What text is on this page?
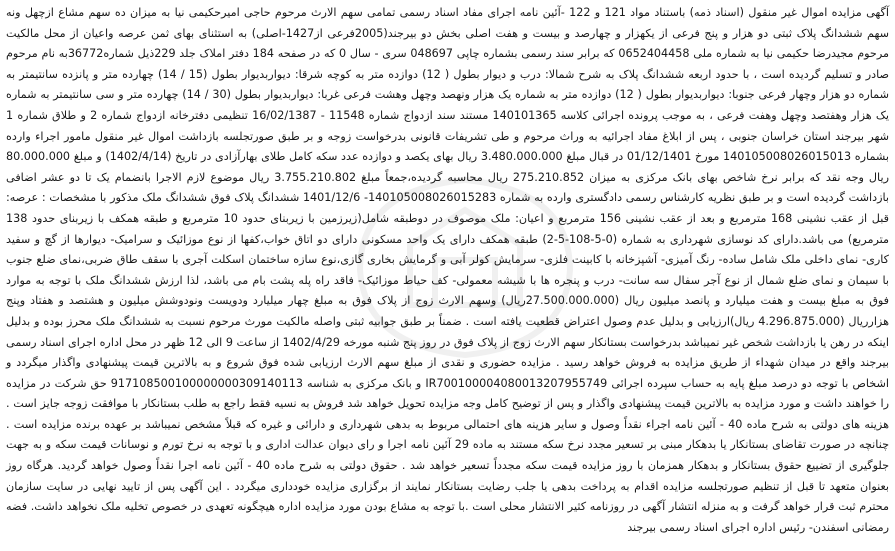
آگهی مزایده اموال غیر منقول (اسناد ذمه) باستناد مواد 121 و 122 -آئین نامه اجرای مفاد اسناد رسمی تمامی سهم الارث مرحوم حاجی امیرحکیمی نیا به میزان ده سهم مشاع ازچهل ونه سهم ششدانگ پلاک ثبتی دو هزار و پنج فرعی از یکهزار و چهارصد و بیست و هفت اصلی بخش دو بیرجند(2005فرعی از1427-اصلی) به استثنای بهای ثمن عرصه واعیان از محل مالکیت مرحوم مجیدرضا حکیمی نیا به شماره ملی 0652404458 که برابر سند رسمی بشماره چاپی 048697 سری - سال 0 که در صفحه 184 دفتر املاک جلد 229ذیل شماره36772به نام مرحوم صادر و تسلیم گردیده است ، با حدود اربعه ششدانگ پلاک به شرح شمالا: درب و دیوار بطول ( 12) دوازده متر به کوچه شرقا: دیواربدیوار بطول (15 / 14) چهارده متر و پانزده سانتیمتر به شماره دو هزار وچهار فرعی جنوبا: دیواربدیوار بطول ( 12) دوازده متر به شماره یک هزار ونهصد وچهل وهشت فرعی غربا: دیواربدیوار بطول (30 / 14) چهارده متر و سی سانتیمتر به شماره یک هزار وهفتصد وچهل وهفت فرعی ، به موجب پرونده اجرائی کلاسه 140101365 مستند سند ازدواج شماره 11548 - 16/02/1387 تنظیمی دفترخانه ازدواج شماره 2 و طلاق شماره 1 شهر بیرجند استان خراسان جنوبی ، پس از ابلاغ مفاد اجرائیه به وراث مرحوم و طی تشریفات قانونی بدرخواست زوجه و بر طبق صورتجلسه بازداشت اموال غیر منقول مامور اجراء وارده بشماره 140105008026015013 مورخ 01/12/1401 در قبال مبلغ 3.480.000.000 ریال بهای یکصد و دوازده عدد سکه کامل طلای بهارآزادی در تاریخ (1402/4/14) و مبلغ 80.000.000 ریال وجه نقد که برابر نرخ شاخص بهای بانک مرکزی به میزان 275.210.852 ریال محاسبه گردیده،جمعاً مبلغ 3.755.210.802 ریال موضوع لازم الاجرا بانضمام یک تا دو عشر اضافی بازداشت گردیده است و بر طبق نظریه کارشناس رسمی دادگستری وارده به شماره 140105008026015283- 1401/12/6 ششدانگ پلاک فوق ششدانگ ملک مذکور با مشخصات : عرصه: قبل از عقب نشینی 168 مترمربع و بعد از عقب نشینی 156 مترمربع و اعیان: ملک موصوف در دوطبقه شامل(زیرزمین با زیربنای حدود 10 مترمربع و طبقه همکف با زیربنای حدود 138 مترمربع) می باشد.دارای کد نوسازی شهرداری به شماره (0-5-108-5-2) طبقه همکف دارای یک واحد مسکونی دارای دو اتاق خواب،کفها از نوع موزائیک و سرامیک- دیوارها از گچ و سفید کاری- نمای داخلی ملک شامل ساده- رنگ آمیزی- آشپزخانه با کابینت فلزی- سرمایش کولر آبی و گرمایش بخاری گازی،نوع سازه ساختمان اسکلت آجری با سقف طاق ضربی،نمای ضلع جنوب با سیمان و نمای ضلع شمال از نوع آجر سفال سه سانت- درب و پنجره ها با شیشه معمولی- کف حیاط موزائیک- فاقد راه پله پشت بام می باشد، لذا ارزش ششدانگ ملک با توجه به موارد فوق به مبلغ بیست و هفت میلیارد و پانصد میلیون ریال (27.500.000.000ریال) وسهم الارث زوج از پلاک فوق به مبلغ چهار میلیارد ودویست ونودوشش میلیون و هشتصد و هفتاد وپنج هزارریال (4.296.875.000 ریال)ارزیابی و بدلیل عدم وصول اعتراض قطعیت یافته است . ضمناً بر طبق جوابیه ثبتی واصله مالکیت مورث مرحوم نسبت به ششدانگ ملک محرز بوده و بدلیل اینکه در رهن یا بازداشت شخص غیر نمیباشد بدرخواست بستانکار سهم الارث زوج از پلاک فوق در روز پنج شنبه مورخه 1402/4/29 از ساعت 9 الی 12 ظهر در محل اداره اجرای اسناد رسمی بیرجند واقع در میدان شهداء از طریق مزایده به فروش خواهد رسید . مزایده حضوری و نقدی از مبلغ سهم الارث ارزیابی شده فوق شروع و به بالاترین قیمت پیشنهادی واگذار میگردد و اشخاص با توجه دو درصد مبلغ پایه به حساب سپرده اجرائی IR700100004080013207955749 و بانک مرکزی به شناسه 917108500100000000309140113 حق شرکت در مزایده را خواهند داشت و مورد مزایده به بالاترین قیمت پیشنهادی واگذار و پس از توضیح کامل وجه مزایده تحویل خواهد شد فروش به نسیه فقط راجع به طلب بستانکار با موافقت زوجه جایز است . هزینه های دولتی به شرح ماده 40 - آئین نامه اجراء نقداً وصول و سایر هزینه های احتمالی مربوط به بدهی شهرداری و دارائی و غیره که قبلاً مشخص نمیباشد بر عهده برنده مزایده است . چنانچه در صورت تقاضای بستانکار یا بدهکار مبنی بر تسعیر مجدد نرخ سکه مستند به ماده 29 آئین نامه اجرا و رای دیوان عدالت اداری و با توجه به نرخ تورم و نوسانات قیمت سکه و به جهت جلوگیری از تضییع حقوق بستانکار و بدهکار همزمان با روز مزایده قیمت سکه مجدداً تسعیر خواهد شد . حقوق دولتی به شرح ماده 40 - آئین نامه اجرا نقداً وصول خواهد گردید. هرگاه روز بعنوان متعهد تا قبل از تنظیم صورتجلسه مزایده اقدام به پرداخت بدهی یا جلب رضایت بستانکار نمایند از برگزاری مزایده خودداری میگردد . این آگهی پس از تایید نهایی در سایت سازمان محترم ثبت قرار خواهد گرفت و به منزله انتشار آگهی در روزنامه کثیر الانتشار محلی است .با توجه به مشاع بودن مورد مزایده اداره هیچگونه تعهدی در خصوص تخلیه ملک نخواهد داشت. فضه رمضانی اسفندن- رئیس اداره اجرای اسناد رسمی بیرجند
